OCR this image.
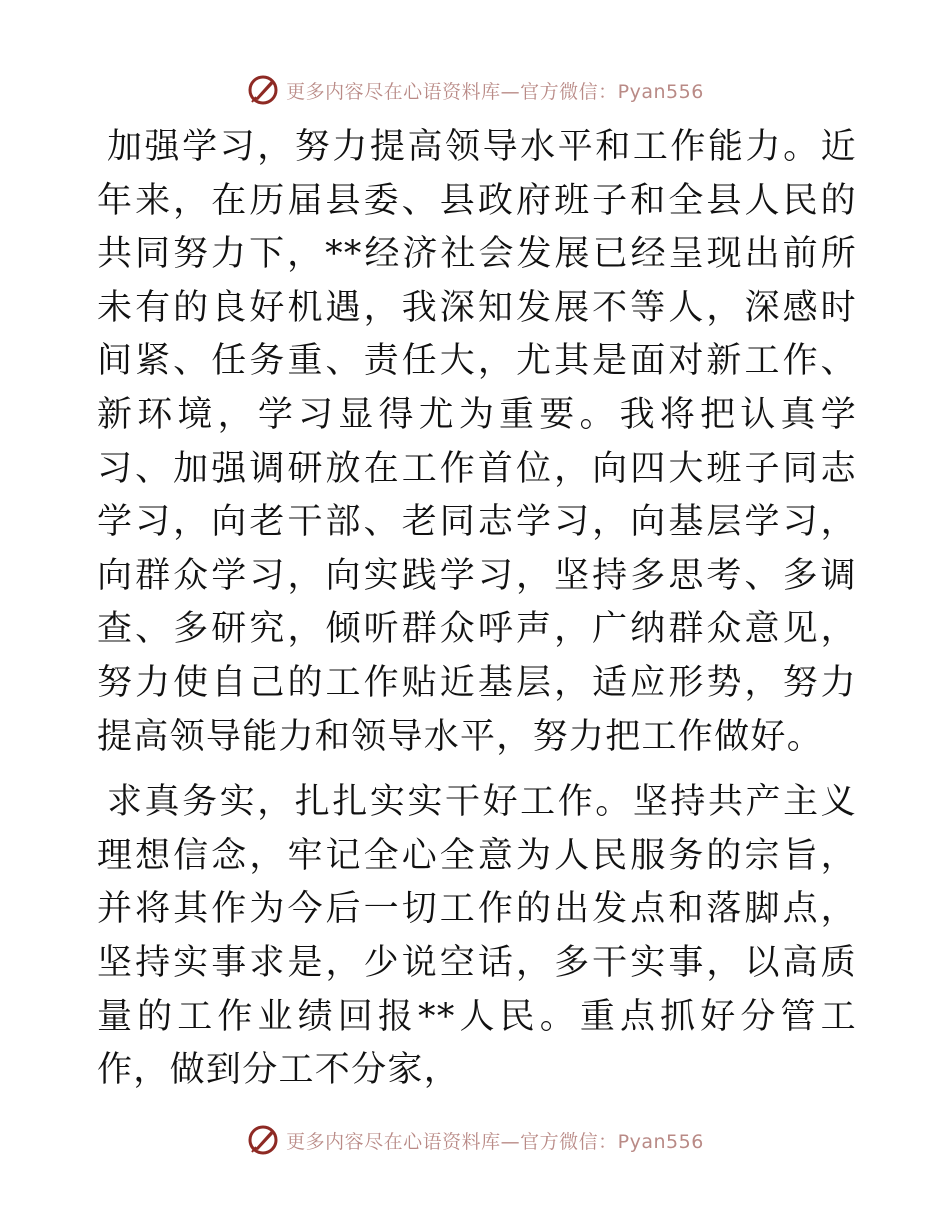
更多内容尽在心语资料库—官方微信：Pyan556

加强学习，努力提高领导水平和工作能力。近年来，在历届县委、县政府班子和全县人民的共同努力下，**经济社会发展已经呈现出前所未有的良好机遇，我深知发展不等人，深感时间紧、任务重、责任大，尤其是面对新工作、新环境，学习显得尤为重要。我将把认真学习、加强调研放在工作首位，向四大班子同志学习，向老干部、老同志学习，向基层学习，向群众学习，向实践学习，坚持多思考、多调查、多研究，倾听群众呼声，广纳群众意见，努力使自己的工作贴近基层，适应形势，努力提高领导能力和领导水平，努力把工作做好。

求真务实，扎扎实实干好工作。坚持共产主义理想信念，牢记全心全意为人民服务的宗旨，并将其作为今后一切工作的出发点和落脚点，坚持实事求是，少说空话，多干实事，以高质量的工作业绩回报**人民。重点抓好分管工作，做到分工不分家，

更多内容尽在心语资料库—官方微信：Pyan556
